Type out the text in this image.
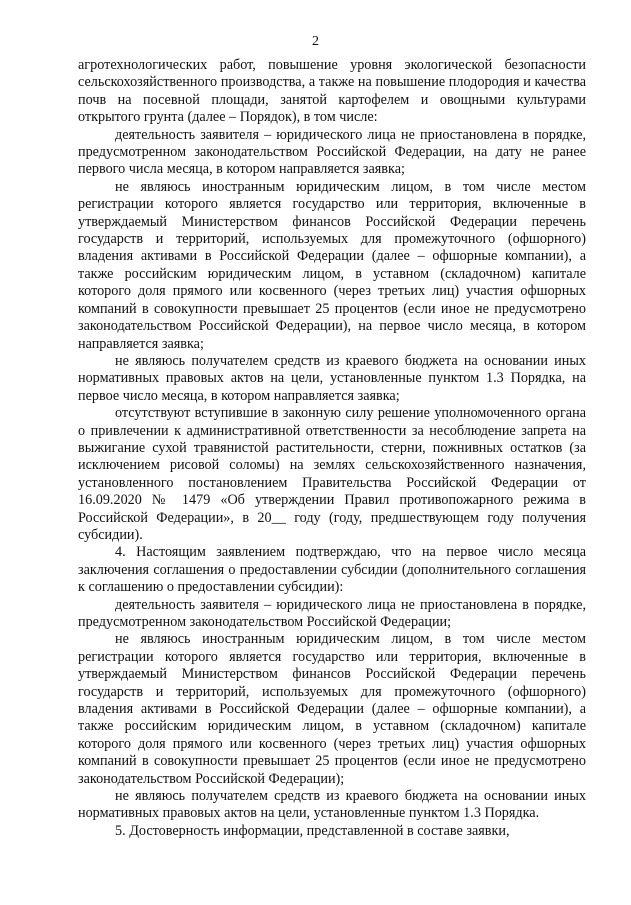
2

агротехнологических работ, повышение уровня экологической безопасности сельскохозяйственного производства, а также на повышение плодородия и качества почв на посевной площади, занятой картофелем и овощными культурами открытого грунта (далее – Порядок), в том числе:

деятельность заявителя – юридического лица не приостановлена в порядке, предусмотренном законодательством Российской Федерации, на дату не ранее первого числа месяца, в котором направляется заявка;

не являюсь иностранным юридическим лицом, в том числе местом регистрации которого является государство или территория, включенные в утверждаемый Министерством финансов Российской Федерации перечень государств и территорий, используемых для промежуточного (офшорного) владения активами в Российской Федерации (далее – офшорные компании), а также российским юридическим лицом, в уставном (складочном) капитале которого доля прямого или косвенного (через третьих лиц) участия офшорных компаний в совокупности превышает 25 процентов (если иное не предусмотрено законодательством Российской Федерации), на первое число месяца, в котором направляется заявка;

не являюсь получателем средств из краевого бюджета на основании иных нормативных правовых актов на цели, установленные пунктом 1.3 Порядка, на первое число месяца, в котором направляется заявка;

отсутствуют вступившие в законную силу решение уполномоченного органа о привлечении к административной ответственности за несоблюдение запрета на выжигание сухой травянистой растительности, стерни, пожнивных остатков (за исключением рисовой соломы) на землях сельскохозяйственного назначения, установленного постановлением Правительства Российской Федерации от 16.09.2020 № 1479 «Об утверждении Правил противопожарного режима в Российской Федерации», в 20__ году (году, предшествующем году получения субсидии).

4. Настоящим заявлением подтверждаю, что на первое число месяца заключения соглашения о предоставлении субсидии (дополнительного соглашения к соглашению о предоставлении субсидии):

деятельность заявителя – юридического лица не приостановлена в порядке, предусмотренном законодательством Российской Федерации;

не являюсь иностранным юридическим лицом, в том числе местом регистрации которого является государство или территория, включенные в утверждаемый Министерством финансов Российской Федерации перечень государств и территорий, используемых для промежуточного (офшорного) владения активами в Российской Федерации (далее – офшорные компании), а также российским юридическим лицом, в уставном (складочном) капитале которого доля прямого или косвенного (через третьих лиц) участия офшорных компаний в совокупности превышает 25 процентов (если иное не предусмотрено законодательством Российской Федерации);

не являюсь получателем средств из краевого бюджета на основании иных нормативных правовых актов на цели, установленные пунктом 1.3 Порядка.

5. Достоверность информации, представленной в составе заявки,
